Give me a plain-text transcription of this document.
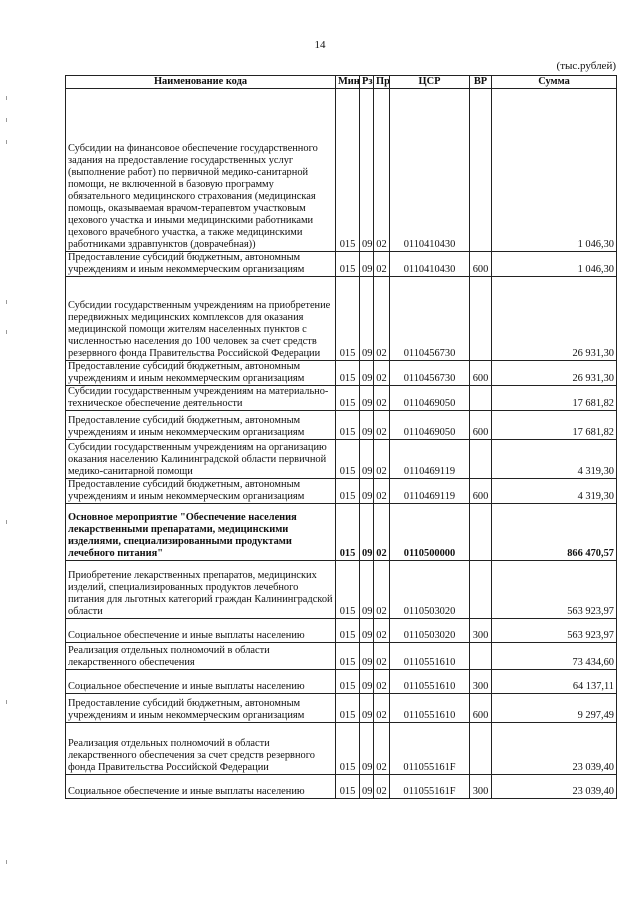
14
(тыс.рублей)
Наименование кода	Мин	Рз	Пр	ЦСР	ВР	Сумма
Субсидии на финансовое обеспечение государственного задания на предоставление государственных услуг (выполнение работ) по первичной медико-санитарной помощи, не включенной в базовую программу обязательного медицинского страхования (медицинская помощь, оказываемая врачом-терапевтом участковым цехового участка и иными медицинскими работниками цехового врачебного участка, а также медицинскими работниками здравпунктов (доврачебная))	015	09	02	0110410430		1 046,30
Предоставление субсидий бюджетным, автономным учреждениям и иным некоммерческим организациям	015	09	02	0110410430	600	1 046,30
Субсидии государственным учреждениям на приобретение передвижных медицинских комплексов для оказания медицинской помощи жителям населенных пунктов с численностью населения до 100 человек за счет средств резервного фонда Правительства Российской Федерации	015	09	02	0110456730		26 931,30
Предоставление субсидий бюджетным, автономным учреждениям и иным некоммерческим организациям	015	09	02	0110456730	600	26 931,30
Субсидии государственным учреждениям на материально-техническое обеспечение деятельности	015	09	02	0110469050		17 681,82
Предоставление субсидий бюджетным, автономным учреждениям и иным некоммерческим организациям	015	09	02	0110469050	600	17 681,82
Субсидии государственным учреждениям на организацию оказания населению Калининградской области первичной медико-санитарной помощи	015	09	02	0110469119		4 319,30
Предоставление субсидий бюджетным, автономным учреждениям и иным некоммерческим организациям	015	09	02	0110469119	600	4 319,30
Основное мероприятие "Обеспечение населения лекарственными препаратами, медицинскими изделиями, специализированными продуктами лечебного питания"	015	09	02	0110500000		866 470,57
Приобретение лекарственных препаратов, медицинских изделий, специализированных продуктов лечебного питания для льготных категорий граждан Калининградской области	015	09	02	0110503020		563 923,97
Социальное обеспечение и иные выплаты населению	015	09	02	0110503020	300	563 923,97
Реализация отдельных полномочий в области лекарственного обеспечения	015	09	02	0110551610		73 434,60
Социальное обеспечение и иные выплаты населению	015	09	02	0110551610	300	64 137,11
Предоставление субсидий бюджетным, автономным учреждениям и иным некоммерческим организациям	015	09	02	0110551610	600	9 297,49
Реализация отдельных полномочий в области лекарственного обеспечения за счет средств резервного фонда Правительства Российской Федерации	015	09	02	011055161F		23 039,40
Социальное обеспечение и иные выплаты населению	015	09	02	011055161F	300	23 039,40
